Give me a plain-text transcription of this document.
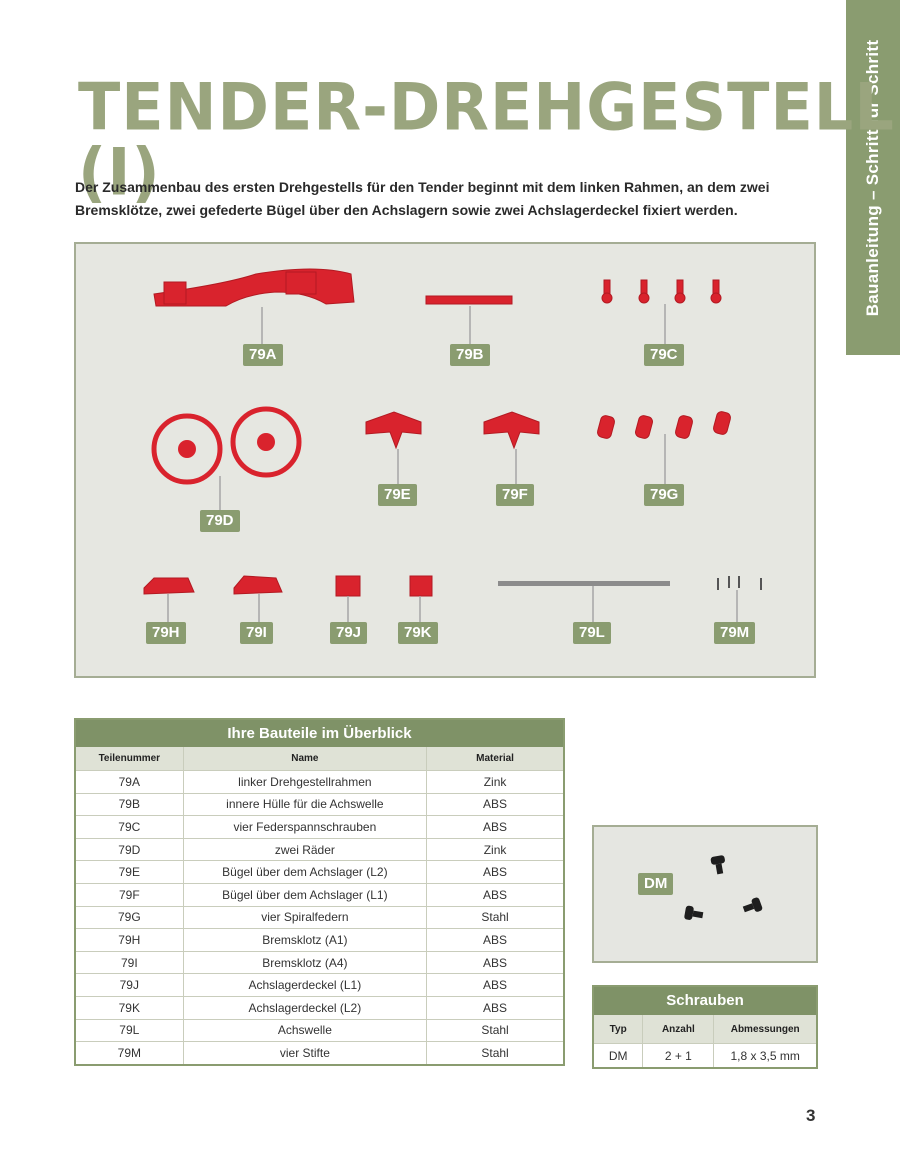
Bauanleitung – Schritt für Schritt
TENDER-DREHGESTELL (I)
Der Zusammenbau des ersten Drehgestells für den Tender beginnt mit dem linken Rahmen, an dem zwei Bremsklötze, zwei gefederte Bügel über den Achslagern sowie zwei Achslagerdeckel fixiert werden.
79A	79B	79C
79D
79E	79F	79G
79H	79I	79J	79K	79L	79M
Ihre Bauteile im Überblick
Teilenummer	Name	Material
79A	linker Drehgestellrahmen	Zink
79B	innere Hülle für die Achswelle	ABS
79C	vier Federspannschrauben	ABS
79D	zwei Räder	Zink
79E	Bügel über dem Achslager (L2)	ABS
79F	Bügel über dem Achslager (L1)	ABS
79G	vier Spiralfedern	Stahl
79H	Bremsklotz (A1)	ABS
79I	Bremsklotz (A4)	ABS
79J	Achslagerdeckel (L1)	ABS
79K	Achslagerdeckel (L2)	ABS
79L	Achswelle	Stahl
79M	vier Stifte	Stahl
DM
Schrauben
Typ	Anzahl	Abmessungen
DM	2 + 1	1,8 x 3,5 mm
3
